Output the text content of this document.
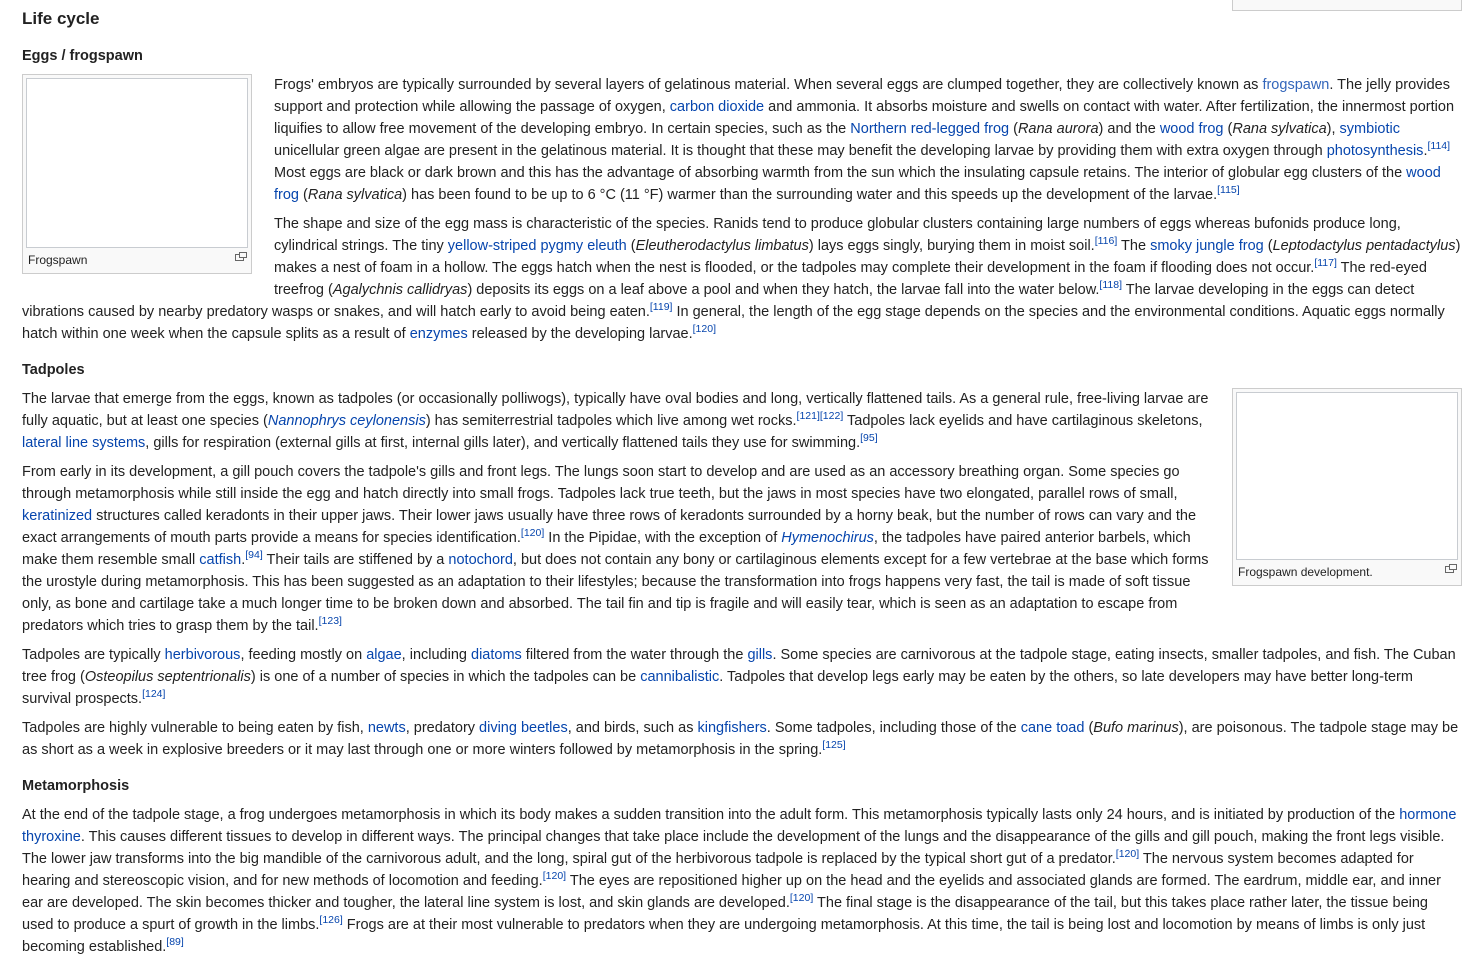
Life cycle
Eggs / frogspawn
Frogspawn

Frogs' embryos are typically surrounded by several layers of gelatinous material. When several eggs are clumped together, they are collectively known as frogspawn. The jelly provides support and protection while allowing the passage of oxygen, carbon dioxide and ammonia. It absorbs moisture and swells on contact with water. After fertilization, the innermost portion liquifies to allow free movement of the developing embryo. In certain species, such as the Northern red-legged frog (Rana aurora) and the wood frog (Rana sylvatica), symbiotic unicellular green algae are present in the gelatinous material. It is thought that these may benefit the developing larvae by providing them with extra oxygen through photosynthesis.[114] Most eggs are black or dark brown and this has the advantage of absorbing warmth from the sun which the insulating capsule retains. The interior of globular egg clusters of the wood frog (Rana sylvatica) has been found to be up to 6 °C (11 °F) warmer than the surrounding water and this speeds up the development of the larvae.[115]

The shape and size of the egg mass is characteristic of the species. Ranids tend to produce globular clusters containing large numbers of eggs whereas bufonids produce long, cylindrical strings. The tiny yellow-striped pygmy eleuth (Eleutherodactylus limbatus) lays eggs singly, burying them in moist soil.[116] The smoky jungle frog (Leptodactylus pentadactylus) makes a nest of foam in a hollow. The eggs hatch when the nest is flooded, or the tadpoles may complete their development in the foam if flooding does not occur.[117] The red-eyed treefrog (Agalychnis callidryas) deposits its eggs on a leaf above a pool and when they hatch, the larvae fall into the water below.[118] The larvae developing in the eggs can detect vibrations caused by nearby predatory wasps or snakes, and will hatch early to avoid being eaten.[119] In general, the length of the egg stage depends on the species and the environmental conditions. Aquatic eggs normally hatch within one week when the capsule splits as a result of enzymes released by the developing larvae.[120]

Tadpoles
Frogspawn development.

The larvae that emerge from the eggs, known as tadpoles (or occasionally polliwogs), typically have oval bodies and long, vertically flattened tails. As a general rule, free-living larvae are fully aquatic, but at least one species (Nannophrys ceylonensis) has semiterrestrial tadpoles which live among wet rocks.[121][122] Tadpoles lack eyelids and have cartilaginous skeletons, lateral line systems, gills for respiration (external gills at first, internal gills later), and vertically flattened tails they use for swimming.[95]

From early in its development, a gill pouch covers the tadpole's gills and front legs. The lungs soon start to develop and are used as an accessory breathing organ. Some species go through metamorphosis while still inside the egg and hatch directly into small frogs. Tadpoles lack true teeth, but the jaws in most species have two elongated, parallel rows of small, keratinized structures called keradonts in their upper jaws. Their lower jaws usually have three rows of keradonts surrounded by a horny beak, but the number of rows can vary and the exact arrangements of mouth parts provide a means for species identification.[120] In the Pipidae, with the exception of Hymenochirus, the tadpoles have paired anterior barbels, which make them resemble small catfish.[94] Their tails are stiffened by a notochord, but does not contain any bony or cartilaginous elements except for a few vertebrae at the base which forms the urostyle during metamorphosis. This has been suggested as an adaptation to their lifestyles; because the transformation into frogs happens very fast, the tail is made of soft tissue only, as bone and cartilage take a much longer time to be broken down and absorbed. The tail fin and tip is fragile and will easily tear, which is seen as an adaptation to escape from predators which tries to grasp them by the tail.[123]

Tadpoles are typically herbivorous, feeding mostly on algae, including diatoms filtered from the water through the gills. Some species are carnivorous at the tadpole stage, eating insects, smaller tadpoles, and fish. The Cuban tree frog (Osteopilus septentrionalis) is one of a number of species in which the tadpoles can be cannibalistic. Tadpoles that develop legs early may be eaten by the others, so late developers may have better long-term survival prospects.[124]

Tadpoles are highly vulnerable to being eaten by fish, newts, predatory diving beetles, and birds, such as kingfishers. Some tadpoles, including those of the cane toad (Bufo marinus), are poisonous. The tadpole stage may be as short as a week in explosive breeders or it may last through one or more winters followed by metamorphosis in the spring.[125]

Metamorphosis

At the end of the tadpole stage, a frog undergoes metamorphosis in which its body makes a sudden transition into the adult form. This metamorphosis typically lasts only 24 hours, and is initiated by production of the hormone thyroxine. This causes different tissues to develop in different ways. The principal changes that take place include the development of the lungs and the disappearance of the gills and gill pouch, making the front legs visible. The lower jaw transforms into the big mandible of the carnivorous adult, and the long, spiral gut of the herbivorous tadpole is replaced by the typical short gut of a predator.[120] The nervous system becomes adapted for hearing and stereoscopic vision, and for new methods of locomotion and feeding.[120] The eyes are repositioned higher up on the head and the eyelids and associated glands are formed. The eardrum, middle ear, and inner ear are developed. The skin becomes thicker and tougher, the lateral line system is lost, and skin glands are developed.[120] The final stage is the disappearance of the tail, but this takes place rather later, the tissue being used to produce a spurt of growth in the limbs.[126] Frogs are at their most vulnerable to predators when they are undergoing metamorphosis. At this time, the tail is being lost and locomotion by means of limbs is only just becoming established.[89]
